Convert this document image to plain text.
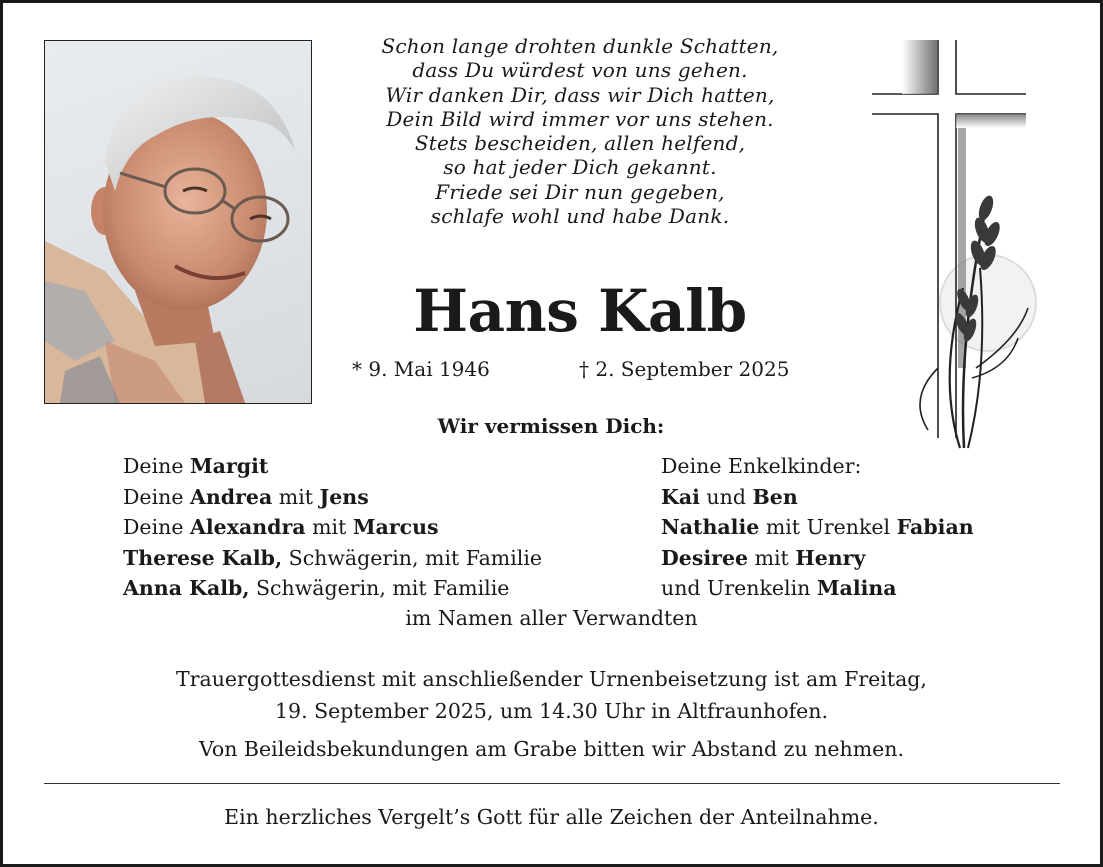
Schon lange drohten dunkle Schatten,
dass Du würdest von uns gehen.
Wir danken Dir, dass wir Dich hatten,
Dein Bild wird immer vor uns stehen.
Stets bescheiden, allen helfend,
so hat jeder Dich gekannt.
Friede sei Dir nun gegeben,
schlafe wohl und habe Dank.
Hans Kalb
* 9. Mai 1946	† 2. September 2025
Wir vermissen Dich:
Deine Margit
Deine Andrea mit Jens
Deine Alexandra mit Marcus
Therese Kalb, Schwägerin, mit Familie
Anna Kalb, Schwägerin, mit Familie
Deine Enkelkinder:
Kai und Ben
Nathalie mit Urenkel Fabian
Desiree mit Henry
und Urenkelin Malina
im Namen aller Verwandten
Trauergottesdienst mit anschließender Urnenbeisetzung ist am Freitag,
19. September 2025, um 14.30 Uhr in Altfraunhofen.
Von Beileidsbekundungen am Grabe bitten wir Abstand zu nehmen.
Ein herzliches Vergelt’s Gott für alle Zeichen der Anteilnahme.
